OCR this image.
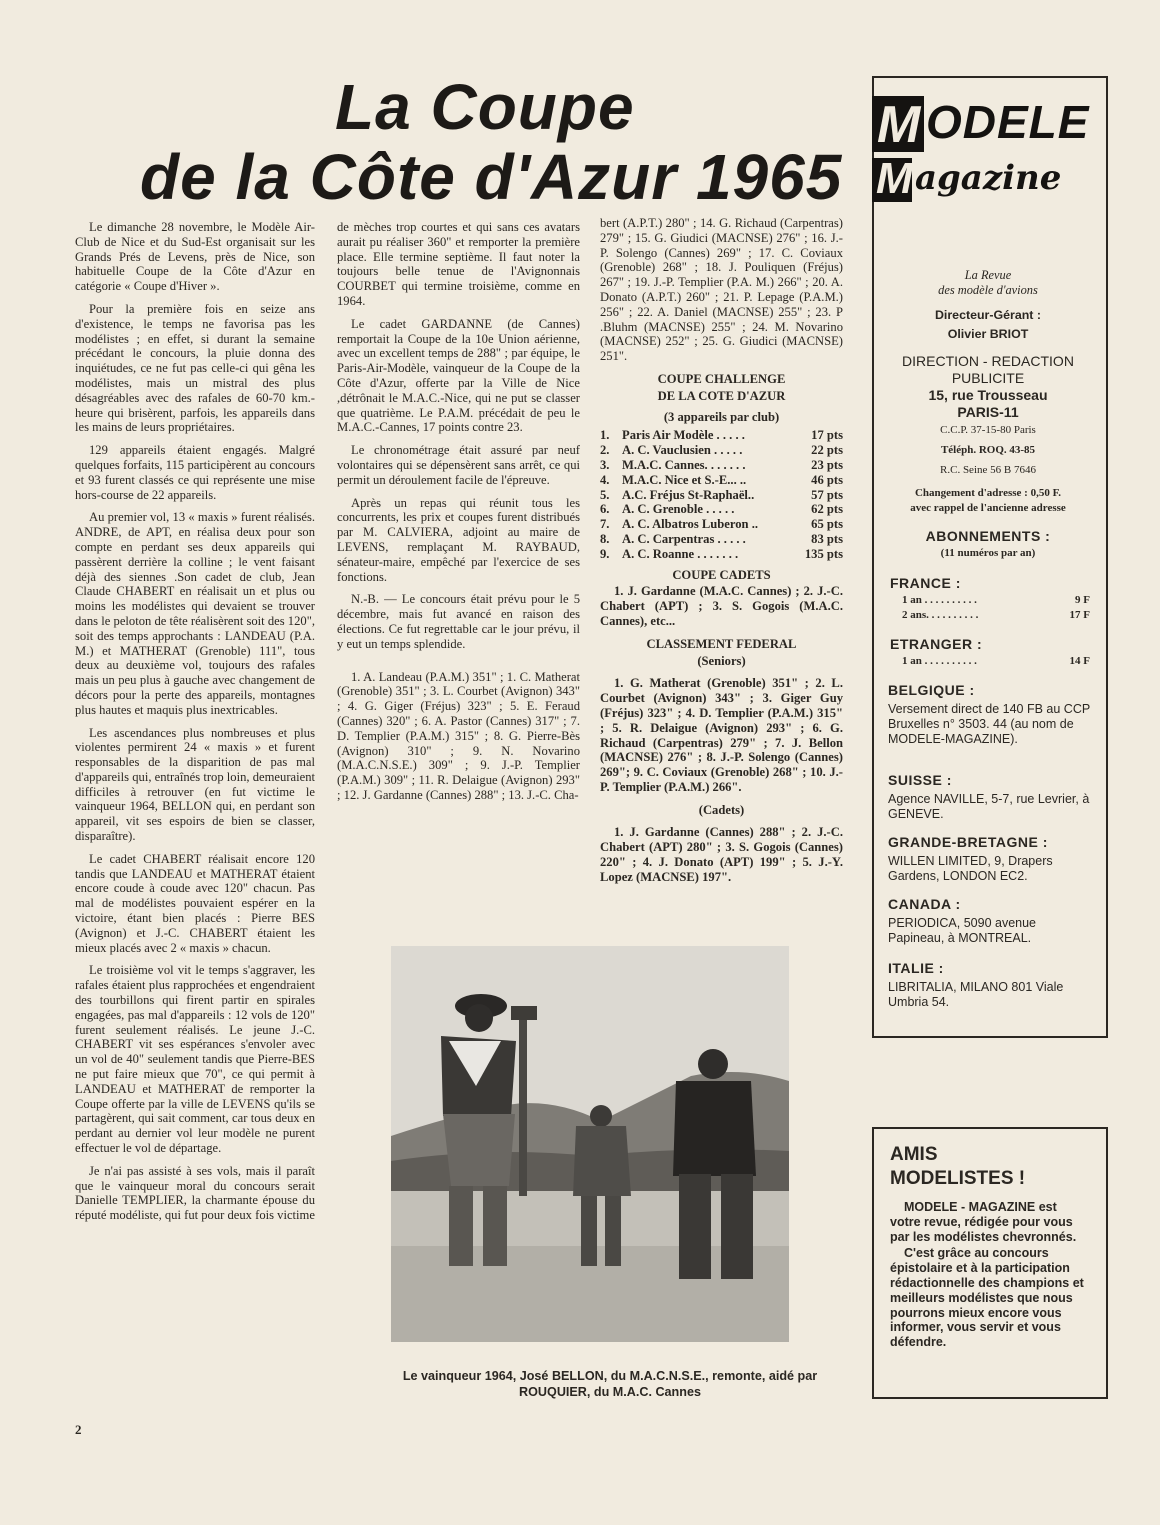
La Coupe
de la Côte d'Azur 1965

Le dimanche 28 novembre, le Modèle Air-Club de Nice et du Sud-Est organisait sur les Grands Prés de Levens, près de Nice, son habituelle Coupe de la Côte d'Azur en catégorie « Coupe d'Hiver ».

Pour la première fois en seize ans d'existence, le temps ne favorisa pas les modélistes ; en effet, si durant la semaine précédant le concours, la pluie donna des inquiétudes, ce ne fut pas celle-ci qui gêna les modélistes, mais un mistral des plus désagréables avec des rafales de 60-70 km.-heure qui brisèrent, parfois, les appareils dans les mains de leurs propriétaires.

129 appareils étaient engagés. Malgré quelques forfaits, 115 participèrent au concours et 93 furent classés ce qui représente une mise hors-course de 22 appareils.

Au premier vol, 13 « maxis » furent réalisés. ANDRE, de APT, en réalisa deux pour son compte en perdant ses deux appareils qui passèrent derrière la colline ; le vent faisant déjà des siennes .Son cadet de club, Jean Claude CHABERT en réalisait un et plus ou moins les modélistes qui devaient se trouver dans le peloton de tête réalisèrent soit des 120", soit des temps approchants : LANDEAU (P.A. M.) et MATHERAT (Grenoble) 111", tous deux au deuxième vol, toujours des rafales mais un peu plus à gauche avec changement de décors pour la perte des appareils, montagnes plus hautes et maquis plus inextricables.

Les ascendances plus nombreuses et plus violentes permirent 24 « maxis » et furent responsables de la disparition de pas mal d'appareils qui, entraînés trop loin, demeuraient difficiles à retrouver (en fut victime le vainqueur 1964, BELLON qui, en perdant son appareil, vit ses espoirs de bien se classer, disparaître).

Le cadet CHABERT réalisait encore 120 tandis que LANDEAU et MATHERAT étaient encore coude à coude avec 120" chacun. Pas mal de modélistes pouvaient espérer en la victoire, étant bien placés : Pierre BES (Avignon) et J.-C. CHABERT étaient les mieux placés avec 2 « maxis » chacun.

Le troisième vol vit le temps s'aggraver, les rafales étaient plus rapprochées et engendraient des tourbillons qui firent partir en spirales engagées, pas mal d'appareils : 12 vols de 120" furent seulement réalisés. Le jeune J.-C. CHABERT vit ses espérances s'envoler avec un vol de 40" seulement tandis que Pierre-BES ne put faire mieux que 70", ce qui permit à LANDEAU et MATHERAT de remporter la Coupe offerte par la ville de LEVENS qu'ils se partagèrent, qui sait comment, car tous deux en perdant au dernier vol leur modèle ne purent effectuer le vol de départage.

Je n'ai pas assisté à ses vols, mais il paraît que le vainqueur moral du concours serait Danielle TEMPLIER, la charmante épouse du réputé modéliste, qui fut pour deux fois victime

de mèches trop courtes et qui sans ces avatars aurait pu réaliser 360" et remporter la première place. Elle termine septième. Il faut noter la toujours belle tenue de l'Avignonnais COURBET qui termine troisième, comme en 1964.

Le cadet GARDANNE (de Cannes) remportait la Coupe de la 10e Union aérienne, avec un excellent temps de 288" ; par équipe, le Paris-Air-Modèle, vainqueur de la Coupe de la Côte d'Azur, offerte par la Ville de Nice ,détrônait le M.A.C.-Nice, qui ne put se classer que quatrième. Le P.A.M. précédait de peu le M.A.C.-Cannes, 17 points contre 23.

Le chronométrage était assuré par neuf volontaires qui se dépensèrent sans arrêt, ce qui permit un déroulement facile de l'épreuve.

Après un repas qui réunit tous les concurrents, les prix et coupes furent distribués par M. CALVIERA, adjoint au maire de LEVENS, remplaçant M. RAYBAUD, sénateur-maire, empêché par l'exercice de ses fonctions.

N.-B. — Le concours était prévu pour le 5 décembre, mais fut avancé en raison des élections. Ce fut regrettable car le jour prévu, il y eut un temps splendide.

1. A. Landeau (P.A.M.) 351" ; 1. C. Matherat (Grenoble) 351" ; 3. L. Courbet (Avignon) 343" ; 4. G. Giger (Fréjus) 323" ; 5. E. Feraud (Cannes) 320" ; 6. A. Pastor (Cannes) 317" ; 7. D. Templier (P.A.M.) 315" ; 8. G. Pierre-Bès (Avignon) 310" ; 9. N. Novarino (M.A.C.N.S.E.) 309" ; 9. J.-P. Templier (P.A.M.) 309" ; 11. R. Delaigue (Avignon) 293" ; 12. J. Gardanne (Cannes) 288" ; 13. J.-C. Cha-

bert (A.P.T.) 280" ; 14. G. Richaud (Carpentras) 279" ; 15. G. Giudici (MACNSE) 276" ; 16. J.-P. Solengo (Cannes) 269" ; 17. C. Coviaux (Grenoble) 268" ; 18. J. Pouliquen (Fréjus) 267" ; 19. J.-P. Templier (P.A. M.) 266" ; 20. A. Donato (A.P.T.) 260" ; 21. P. Lepage (P.A.M.) 256" ; 22. A. Daniel (MACNSE) 255" ; 23. P .Bluhm (MACNSE) 255" ; 24. M. Novarino (MACNSE) 252" ; 25. G. Giudici (MACNSE) 251".

COUPE CHALLENGE
DE LA COTE D'AZUR
(3 appareils par club)
1. Paris Air Modèle . . . . .	17 pts
2. A. C. Vauclusien . . . . .	22 pts
3. M.A.C. Cannes. . . . . . .	23 pts
4. M.A.C. Nice et S.-E... ..	46 pts
5. A.C. Fréjus St-Raphaël..	57 pts
6. A. C. Grenoble . . . . .	62 pts
7. A. C. Albatros Luberon ..	65 pts
8. A. C. Carpentras . . . . .	83 pts
9. A. C. Roanne . . . . . . .	135 pts
COUPE CADETS

1. J. Gardanne (M.A.C. Cannes) ; 2. J.-C. Chabert (APT) ; 3. S. Gogois (M.A.C. Cannes), etc...

CLASSEMENT FEDERAL
(Seniors)

1. G. Matherat (Grenoble) 351" ; 2. L. Courbet (Avignon) 343" ; 3. Giger Guy (Fréjus) 323" ; 4. D. Templier (P.A.M.) 315" ; 5. R. Delaigue (Avignon) 293" ; 6. G. Richaud (Carpentras) 279" ; 7. J. Bellon (MACNSE) 276" ; 8. J.-P. Solengo (Cannes) 269"; 9. C. Coviaux (Grenoble) 268" ; 10. J.-P. Templier (P.A.M.) 266".

(Cadets)

1. J. Gardanne (Cannes) 288" ; 2. J.-C. Chabert (APT) 280" ; 3. S. Gogois (Cannes) 220" ; 4. J. Donato (APT) 199" ; 5. J.-Y. Lopez (MACNSE) 197".

Le vainqueur 1964, José BELLON, du M.A.C.N.S.E., remonte, aidé par ROUQUIER, du M.A.C. Cannes
M ODELE
M agazine
La Revue
des modèle d'avions
Directeur-Gérant :
Olivier BRIOT
DIRECTION - REDACTION
PUBLICITE
15, rue Trousseau
PARIS-11
C.C.P. 37-15-80 Paris
Téléph. ROQ. 43-85
R.C. Seine 56 B 7646
Changement d'adresse : 0,50 F.
avec rappel de l'ancienne adresse
ABONNEMENTS :
(11 numéros par an)
FRANCE :
1 an . . . . . . . . . .	9 F
2 ans. . . . . . . . . .	17 F
ETRANGER :
1 an . . . . . . . . . .	14 F
BELGIQUE :
Versement direct de 140 FB au CCP Bruxelles n° 3503. 44 (au nom de MODELE-MAGAZINE).
SUISSE :
Agence NAVILLE, 5-7, rue Levrier, à GENEVE.
GRANDE-BRETAGNE :
WILLEN LIMITED, 9, Drapers Gardens, LONDON EC2.
CANADA :
PERIODICA, 5090 avenue Papineau, à MONTREAL.
ITALIE :
LIBRITALIA, MILANO 801 Viale Umbria 54.
AMIS
MODELISTES !
MODELE - MAGAZINE est votre revue, rédigée pour vous par les modélistes chevronnés.
C'est grâce au concours épistolaire et à la participation rédactionnelle des champions et meilleurs modélistes que nous pourrons mieux encore vous informer, vous servir et vous défendre.
2
